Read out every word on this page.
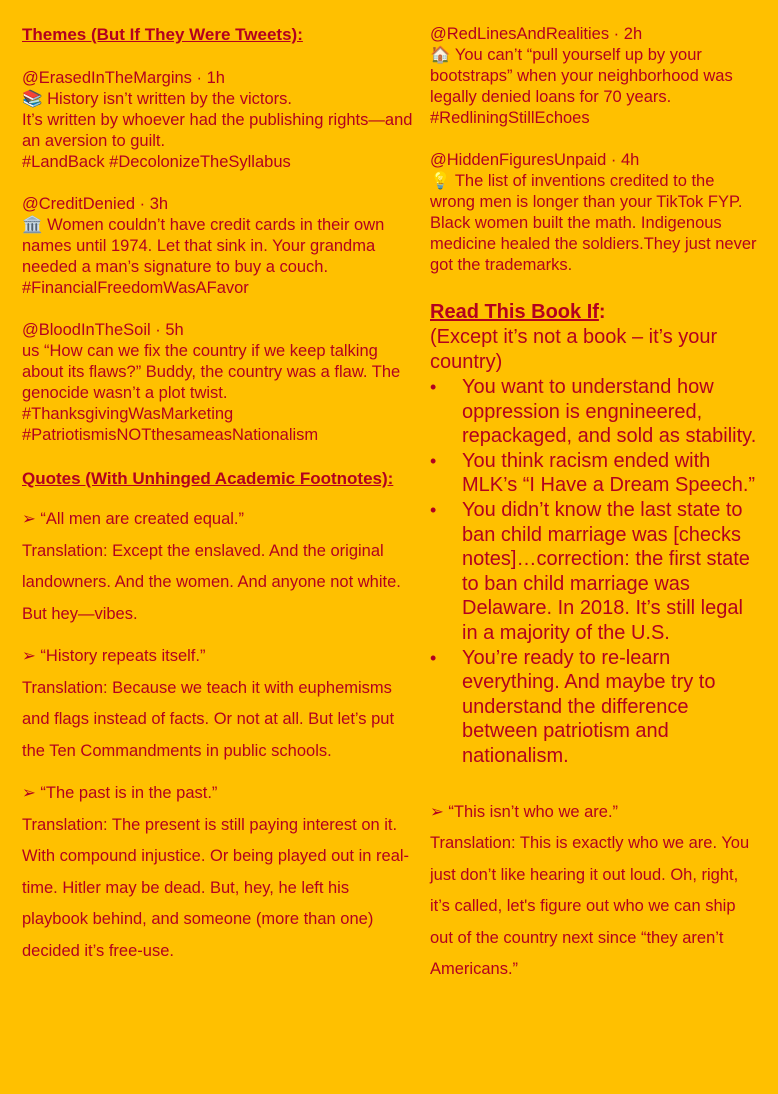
Themes (But If They Were Tweets):

@ErasedInTheMargins · 1h

📚 History isn’t written by the victors.

It’s written by whoever had the publishing rights—and an aversion to guilt.

#LandBack #DecolonizeTheSyllabus

@CreditDenied · 3h

🏛️ Women couldn’t have credit cards in their own names until 1974. Let that sink in. Your grandma needed a man’s signature to buy a couch.

#FinancialFreedomWasAFavor

@BloodInTheSoil · 5h

us “How can we fix the country if we keep talking about its flaws?” Buddy, the country was a flaw. The genocide wasn’t a plot twist.

#ThanksgivingWasMarketing

#PatriotismisNOTthesameasNationalism

Quotes (With Unhinged Academic Footnotes):

➢ “All men are created equal.”

Translation: Except the enslaved. And the original landowners. And the women. And anyone not white. But hey—vibes.

➢ “History repeats itself.”

Translation: Because we teach it with euphemisms and flags instead of facts. Or not at all. But let’s put the Ten Commandments in public schools.

➢ “The past is in the past.”

Translation: The present is still paying interest on it. With compound injustice. Or being played out in real-time. Hitler may be dead. But, hey, he left his playbook behind, and someone (more than one) decided it’s free-use.

@RedLinesAndRealities · 2h

🏠 You can’t “pull yourself up by your bootstraps” when your neighborhood was legally denied loans for 70 years.

#RedliningStillEchoes

@HiddenFiguresUnpaid · 4h

💡 The list of inventions credited to the wrong men is longer than your TikTok FYP. Black women built the math. Indigenous medicine healed the soldiers.They just never got the trademarks.

Read This Book If:

(Except it’s not a book – it’s your country)

• You want to understand how oppression is engnineered, repackaged, and sold as stability.
• You think racism ended with MLK’s “I Have a Dream Speech.”
• You didn’t know the last state to ban child marriage was [checks notes]…correction: the first state to ban child marriage was Delaware. In 2018. It’s still legal in a majority of the U.S.
• You’re ready to re-learn everything. And maybe try to understand the difference between patriotism and nationalism.

➢ “This isn’t who we are.”

Translation: This is exactly who we are. You just don’t like hearing it out loud. Oh, right, it’s called, let's figure out who we can ship out of the country next since “they aren’t Americans.”
